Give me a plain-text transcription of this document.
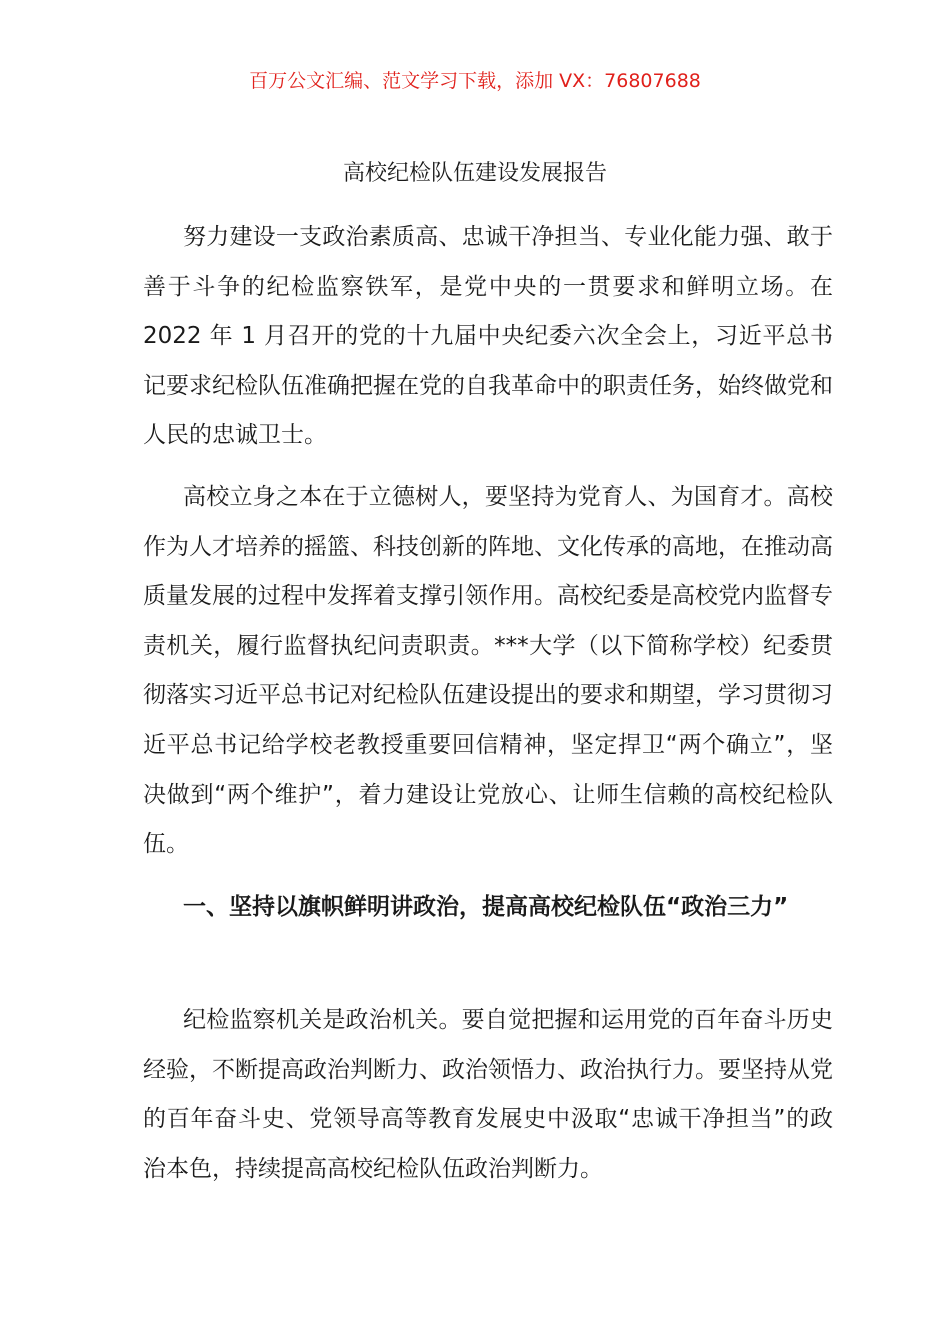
百万公文汇编、范文学习下载，添加 VX：76807688
高校纪检队伍建设发展报告

努力建设一支政治素质高、忠诚干净担当、专业化能力强、敢于善于斗争的纪检监察铁军，是党中央的一贯要求和鲜明立场。在 2022 年 1 月召开的党的十九届中央纪委六次全会上，习近平总书记要求纪检队伍准确把握在党的自我革命中的职责任务，始终做党和人民的忠诚卫士。

高校立身之本在于立德树人，要坚持为党育人、为国育才。高校作为人才培养的摇篮、科技创新的阵地、文化传承的高地，在推动高质量发展的过程中发挥着支撑引领作用。高校纪委是高校党内监督专责机关，履行监督执纪问责职责。***大学（以下简称学校）纪委贯彻落实习近平总书记对纪检队伍建设提出的要求和期望，学习贯彻习近平总书记给学校老教授重要回信精神，坚定捍卫“两个确立”，坚决做到“两个维护”，着力建设让党放心、让师生信赖的高校纪检队伍。

一、坚持以旗帜鲜明讲政治，提高高校纪检队伍“政治三力”

纪检监察机关是政治机关。要自觉把握和运用党的百年奋斗历史经验，不断提高政治判断力、政治领悟力、政治执行力。要坚持从党的百年奋斗史、党领导高等教育发展史中汲取“忠诚干净担当”的政治本色，持续提高高校纪检队伍政治判断力。
